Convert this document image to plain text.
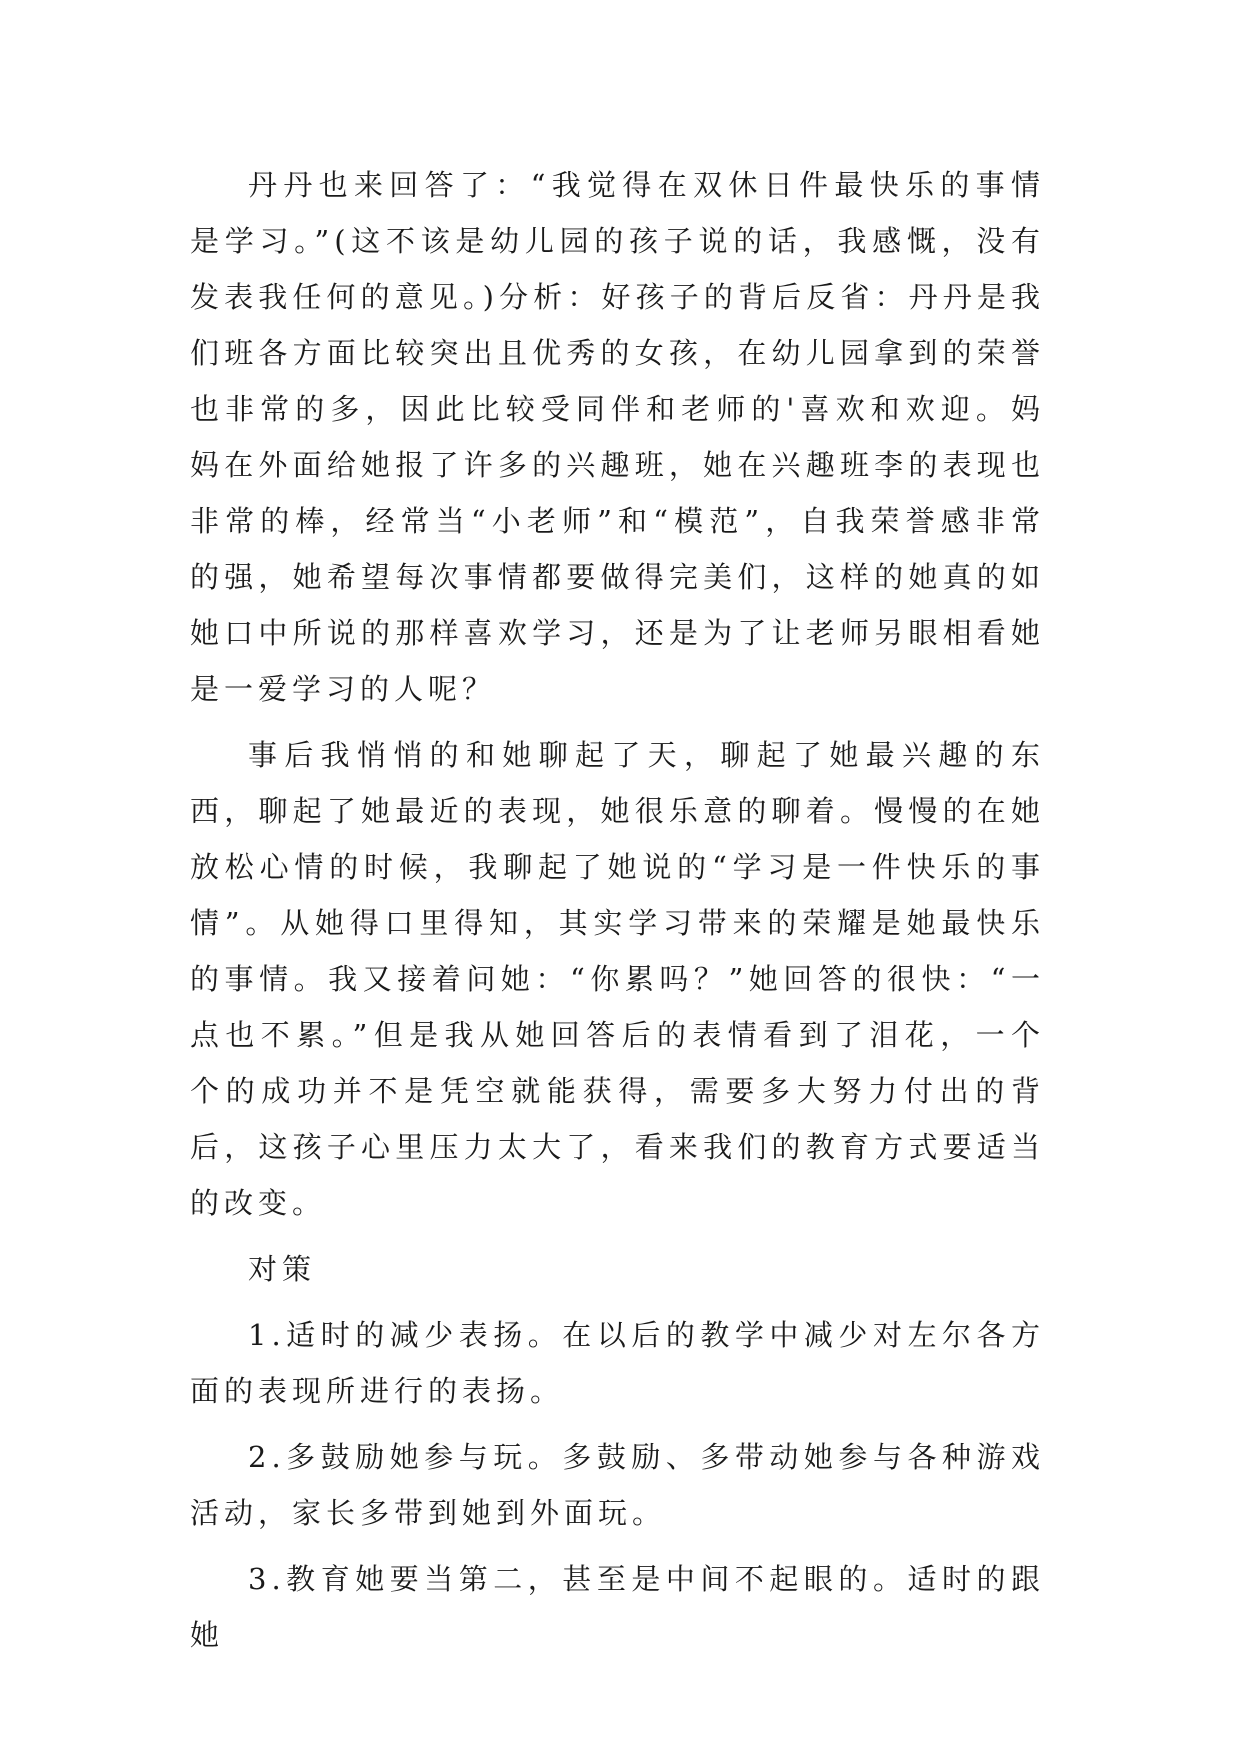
丹丹也来回答了：“我觉得在双休日件最快乐的事情是学习。”(这不该是幼儿园的孩子说的话，我感慨，没有发表我任何的意见。)分析：好孩子的背后反省：丹丹是我们班各方面比较突出且优秀的女孩，在幼儿园拿到的荣誉也非常的多，因此比较受同伴和老师的'喜欢和欢迎。妈妈在外面给她报了许多的兴趣班，她在兴趣班李的表现也非常的棒，经常当“小老师”和“模范”，自我荣誉感非常的强，她希望每次事情都要做得完美们，这样的她真的如她口中所说的那样喜欢学习，还是为了让老师另眼相看她是一爱学习的人呢？

事后我悄悄的和她聊起了天，聊起了她最兴趣的东西，聊起了她最近的表现，她很乐意的聊着。慢慢的在她放松心情的时候，我聊起了她说的“学习是一件快乐的事情”。从她得口里得知，其实学习带来的荣耀是她最快乐的事情。我又接着问她：“你累吗？”她回答的很快：“一点也不累。”但是我从她回答后的表情看到了泪花，一个个的成功并不是凭空就能获得，需要多大努力付出的背后，这孩子心里压力太大了，看来我们的教育方式要适当的改变。

对策

1.适时的减少表扬。在以后的教学中减少对左尔各方面的表现所进行的表扬。

2.多鼓励她参与玩。多鼓励、多带动她参与各种游戏活动，家长多带到她到外面玩。

3.教育她要当第二，甚至是中间不起眼的。适时的跟她
